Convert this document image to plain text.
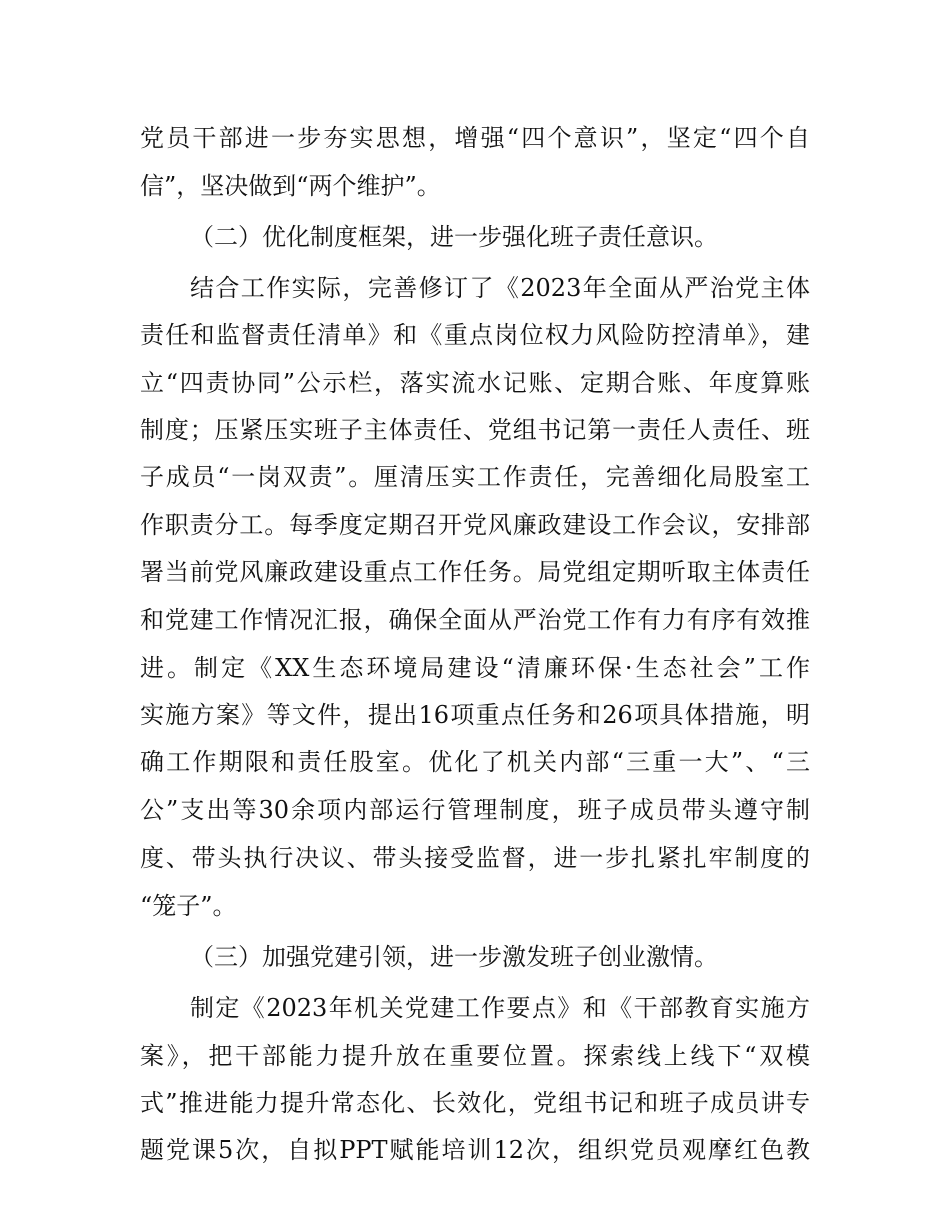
党员干部进一步夯实思想，增强“四个意识”，坚定“四个自
信”，坚决做到“两个维护”。
（二）优化制度框架，进一步强化班子责任意识。
结合工作实际，完善修订了《2023年全面从严治党主体
责任和监督责任清单》和《重点岗位权力风险防控清单》，建
立“四责协同”公示栏，落实流水记账、定期合账、年度算账
制度；压紧压实班子主体责任、党组书记第一责任人责任、班
子成员“一岗双责”。厘清压实工作责任，完善细化局股室工
作职责分工。每季度定期召开党风廉政建设工作会议，安排部
署当前党风廉政建设重点工作任务。局党组定期听取主体责任
和党建工作情况汇报，确保全面从严治党工作有力有序有效推
进。制定《XX生态环境局建设“清廉环保·生态社会”工作
实施方案》等文件，提出16项重点任务和26项具体措施，明
确工作期限和责任股室。优化了机关内部“三重一大”、“三
公”支出等30余项内部运行管理制度，班子成员带头遵守制
度、带头执行决议、带头接受监督，进一步扎紧扎牢制度的
“笼子”。
（三）加强党建引领，进一步激发班子创业激情。
制定《2023年机关党建工作要点》和《干部教育实施方
案》，把干部能力提升放在重要位置。探索线上线下“双模
式”推进能力提升常态化、长效化，党组书记和班子成员讲专
题党课5次，自拟PPT赋能培训12次，组织党员观摩红色教
